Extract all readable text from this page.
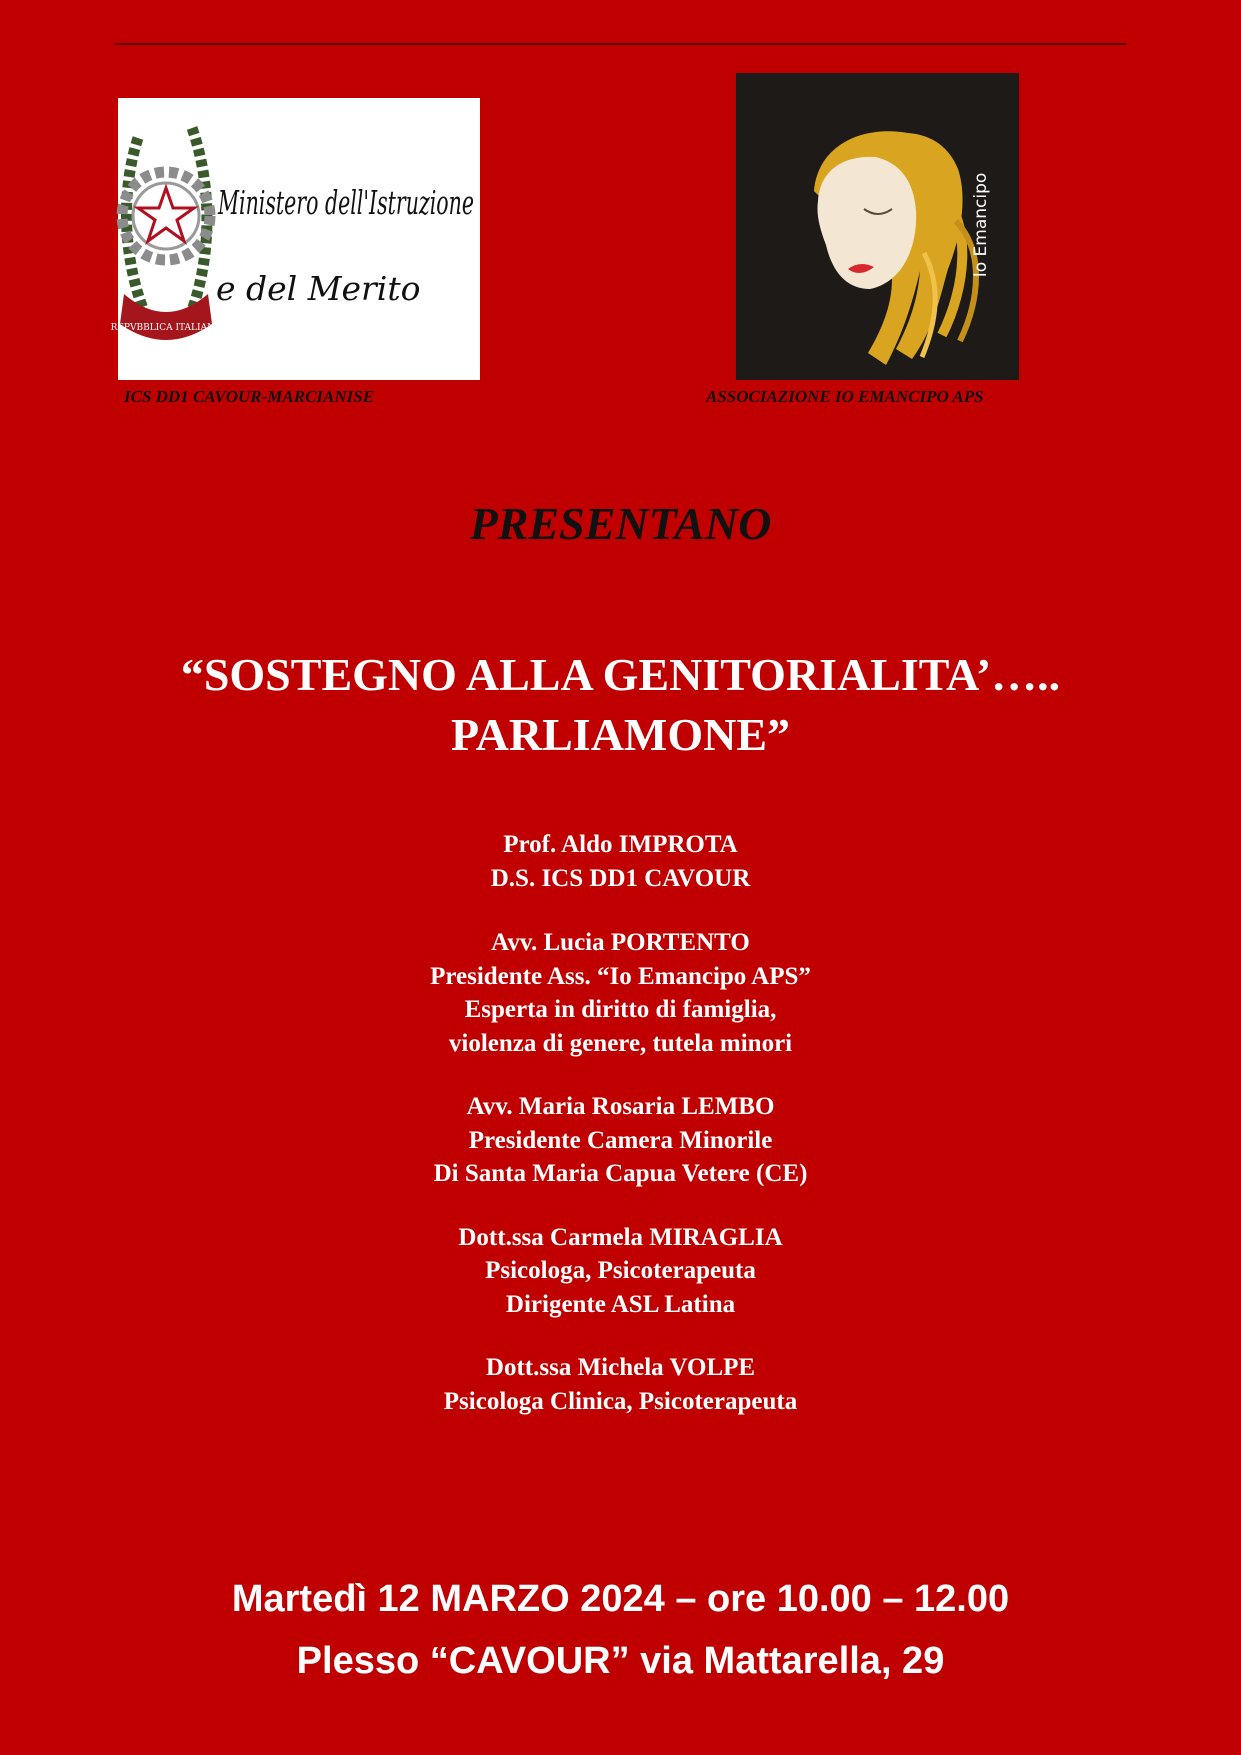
REPVBBLICA ITALIANA
Ministero dell'Istruzione
e del Merito
Io Emancipo
ICS DD1 CAVOUR-MARCIANISE	ASSOCIAZIONE IO EMANCIPO APS
PRESENTANO
“SOSTEGNO ALLA GENITORIALITA’…..
PARLIAMONE”
Prof. Aldo IMPROTA
D.S. ICS DD1 CAVOUR
Avv. Lucia PORTENTO
Presidente Ass. “Io Emancipo APS”
Esperta in diritto di famiglia,
violenza di genere, tutela minori
Avv. Maria Rosaria LEMBO
Presidente Camera Minorile
Di Santa Maria Capua Vetere (CE)
Dott.ssa Carmela MIRAGLIA
Psicologa, Psicoterapeuta
Dirigente ASL Latina
Dott.ssa Michela VOLPE
Psicologa Clinica, Psicoterapeuta
Martedì 12 MARZO 2024 – ore 10.00 – 12.00
Plesso “CAVOUR” via Mattarella, 29
